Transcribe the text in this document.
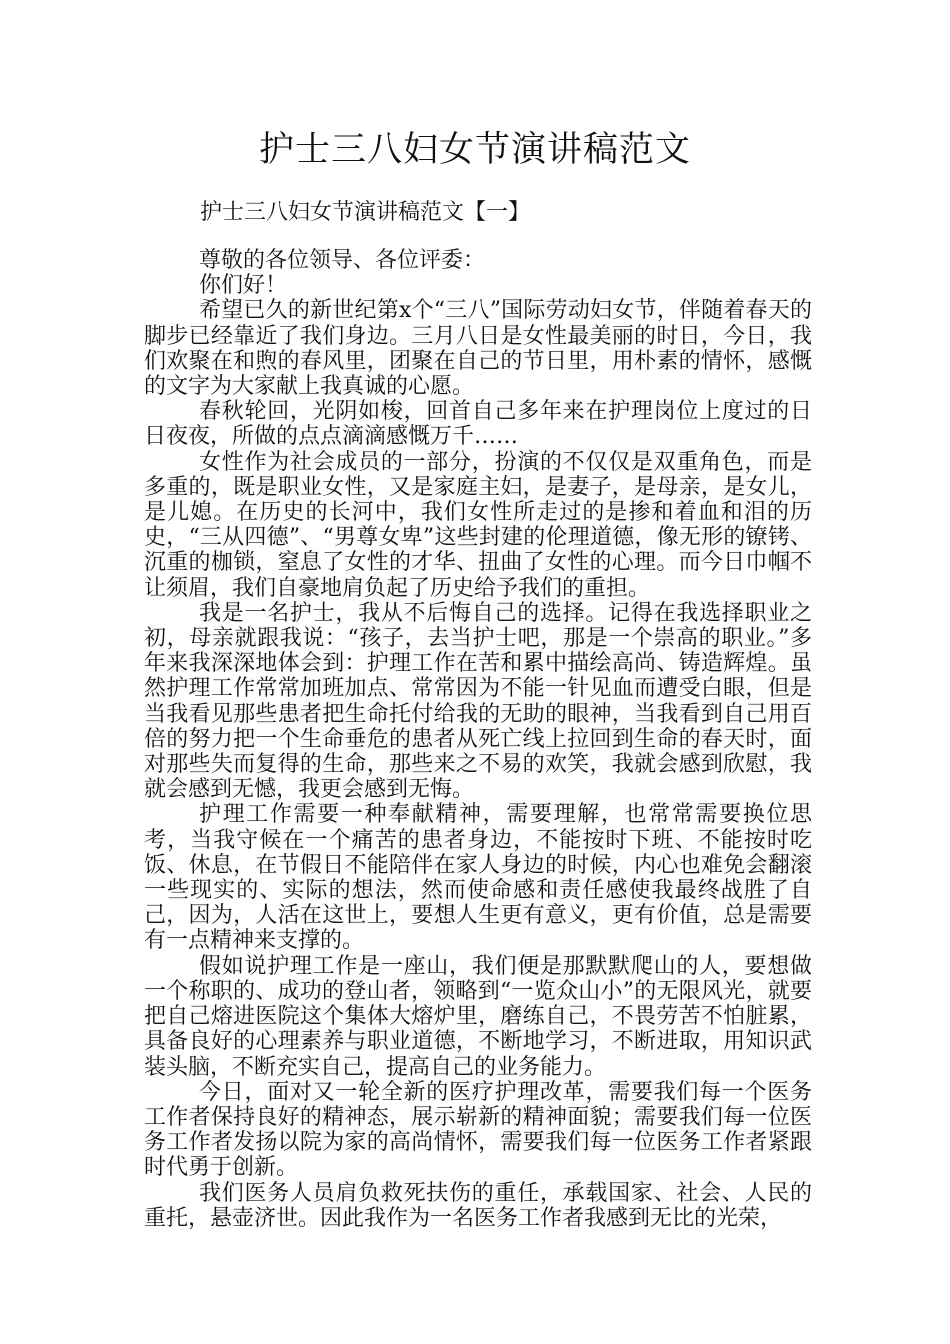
护士三八妇女节演讲稿范文

护士三八妇女节演讲稿范文【一】

尊敬的各位领导、各位评委：

你们好！

希望已久的新世纪第x个“三八”国际劳动妇女节，伴随着春天的脚步已经靠近了我们身边。三月八日是女性最美丽的时日，今日，我们欢聚在和煦的春风里，团聚在自己的节日里，用朴素的情怀，感慨的文字为大家献上我真诚的心愿。

春秋轮回，光阴如梭，回首自己多年来在护理岗位上度过的日日夜夜，所做的点点滴滴感慨万千……

女性作为社会成员的一部分，扮演的不仅仅是双重角色，而是多重的，既是职业女性，又是家庭主妇，是妻子，是母亲，是女儿，是儿媳。在历史的长河中，我们女性所走过的是掺和着血和泪的历史，“三从四德”、“男尊女卑”这些封建的伦理道德，像无形的镣铐、沉重的枷锁，窒息了女性的才华、扭曲了女性的心理。而今日巾帼不让须眉，我们自豪地肩负起了历史给予我们的重担。

我是一名护士，我从不后悔自己的选择。记得在我选择职业之初，母亲就跟我说：“孩子，去当护士吧，那是一个崇高的职业。”多年来我深深地体会到：护理工作在苦和累中描绘高尚、铸造辉煌。虽然护理工作常常加班加点、常常因为不能一针见血而遭受白眼，但是当我看见那些患者把生命托付给我的无助的眼神，当我看到自己用百倍的努力把一个生命垂危的患者从死亡线上拉回到生命的春天时，面对那些失而复得的生命，那些来之不易的欢笑，我就会感到欣慰，我就会感到无憾，我更会感到无悔。

护理工作需要一种奉献精神，需要理解，也常常需要换位思考，当我守候在一个痛苦的患者身边，不能按时下班、不能按时吃饭、休息，在节假日不能陪伴在家人身边的时候，内心也难免会翻滚一些现实的、实际的想法，然而使命感和责任感使我最终战胜了自己，因为，人活在这世上，要想人生更有意义，更有价值，总是需要有一点精神来支撑的。

假如说护理工作是一座山，我们便是那默默爬山的人，要想做一个称职的、成功的登山者，领略到“一览众山小”的无限风光，就要把自己熔进医院这个集体大熔炉里，磨练自己，不畏劳苦不怕脏累，具备良好的心理素养与职业道德，不断地学习，不断进取，用知识武装头脑，不断充实自己，提高自己的业务能力。

今日，面对又一轮全新的医疗护理改革，需要我们每一个医务工作者保持良好的精神态，展示崭新的精神面貌；需要我们每一位医务工作者发扬以院为家的高尚情怀，需要我们每一位医务工作者紧跟时代勇于创新。

我们医务人员肩负救死扶伤的重任，承载国家、社会、人民的重托，悬壶济世。因此我作为一名医务工作者我感到无比的光荣，
